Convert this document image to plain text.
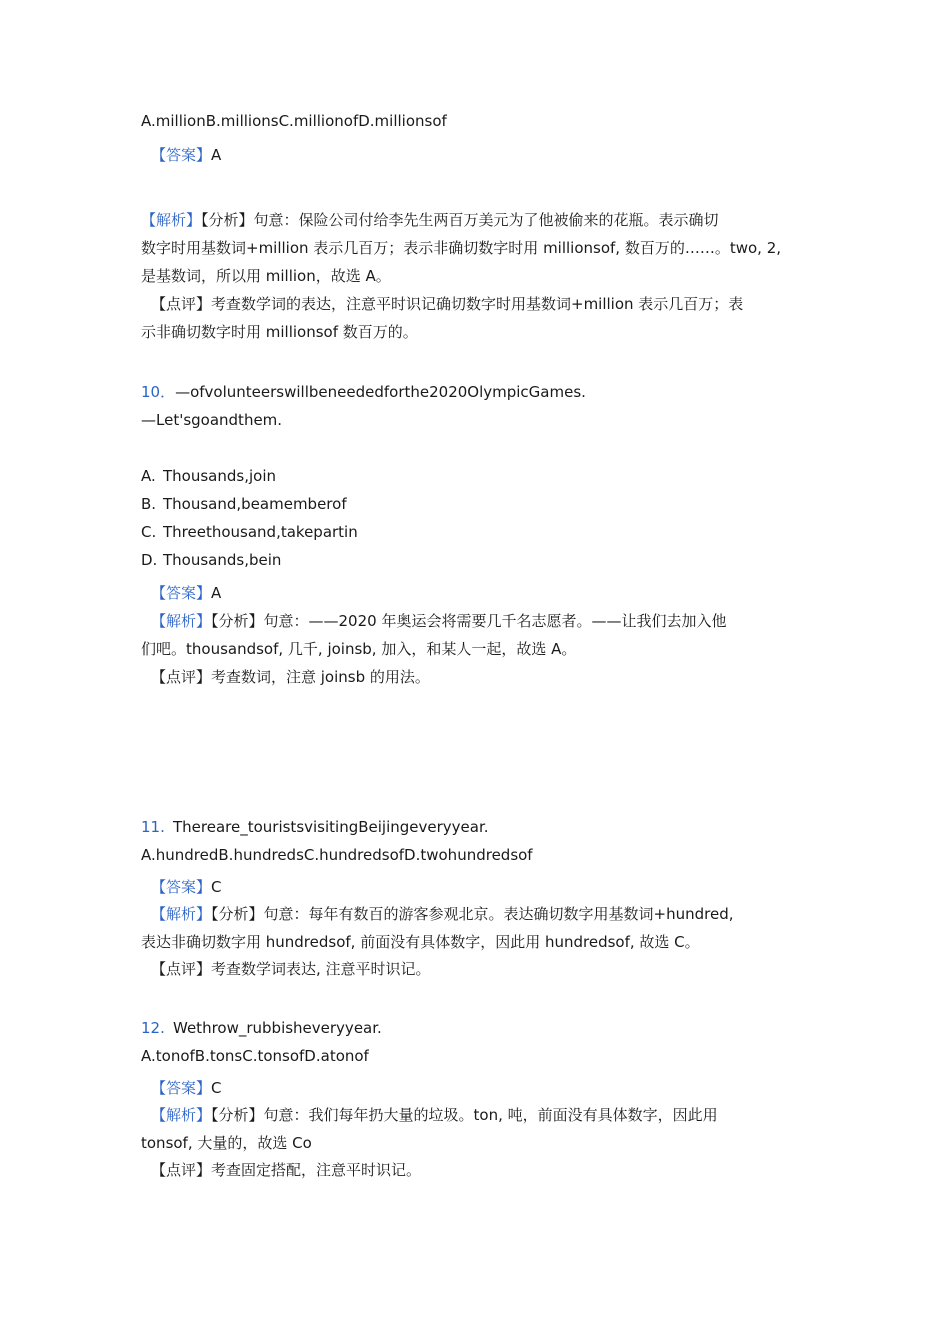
A.millionB.millionsC.millionofD.millionsof
【答案】A
【解析】【分析】句意：保险公司付给李先生两百万美元为了他被偷来的花瓶。表示确切
数字时用基数词+million 表示几百万；表示非确切数字时用 millionsof, 数百万的……。two, 2,
是基数词，所以用 million，故选 A。
【点评】考查数学词的表达，注意平时识记确切数字时用基数词+million 表示几百万；表
示非确切数字时用 millionsof 数百万的。
10．—ofvolunteerswillbeneededforthe2020OlympicGames.
—Let'sgoandthem.
A. Thousands,join
B. Thousand,beamemberof
C. Threethousand,takepartin
D. Thousands,bein
【答案】A
【解析】【分析】句意：——2020 年奥运会将需要几千名志愿者。——让我们去加入他
们吧。thousandsof, 几千, joinsb, 加入，和某人一起，故选 A。
【点评】考查数词，注意 joinsb 的用法。
11. Thereare_touristsvisitingBeijingeveryyear.
A.hundredB.hundredsC.hundredsofD.twohundredsof
【答案】C
【解析】【分析】句意：每年有数百的游客参观北京。表达确切数字用基数词+hundred,
表达非确切数字用 hundredsof, 前面没有具体数字，因此用 hundredsof, 故选 C。
【点评】考查数学词表达, 注意平时识记。
12. Wethrow_rubbisheveryyear.
A.tonofB.tonsC.tonsofD.atonof
【答案】C
【解析】【分析】句意：我们每年扔大量的垃圾。ton, 吨，前面没有具体数字，因此用
tonsof, 大量的，故选 Co
【点评】考查固定搭配，注意平时识记。
